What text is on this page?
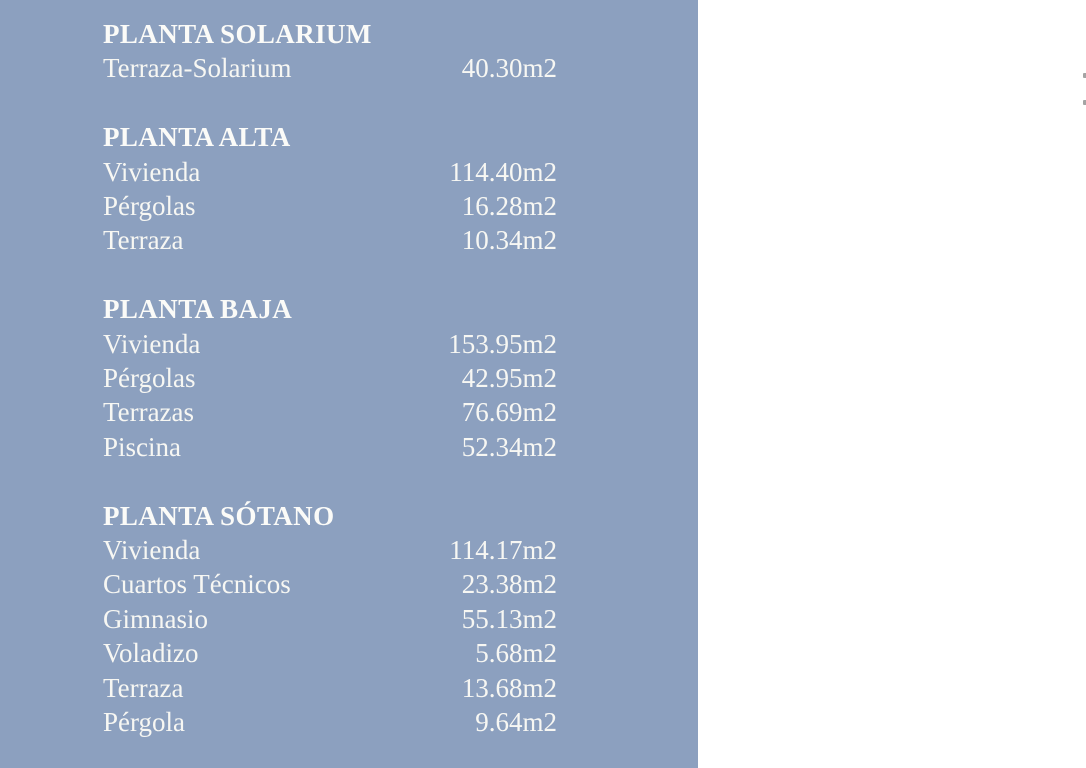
PLANTA SOLARIUM
Terraza-Solarium	40.30m2
PLANTA ALTA
Vivienda	114.40m2
Pérgolas	16.28m2
Terraza	10.34m2
PLANTA BAJA
Vivienda	153.95m2
Pérgolas	42.95m2
Terrazas	76.69m2
Piscina	52.34m2
PLANTA SÓTANO
Vivienda	114.17m2
Cuartos Técnicos	23.38m2
Gimnasio	55.13m2
Voladizo	5.68m2
Terraza	13.68m2
Pérgola	9.64m2
